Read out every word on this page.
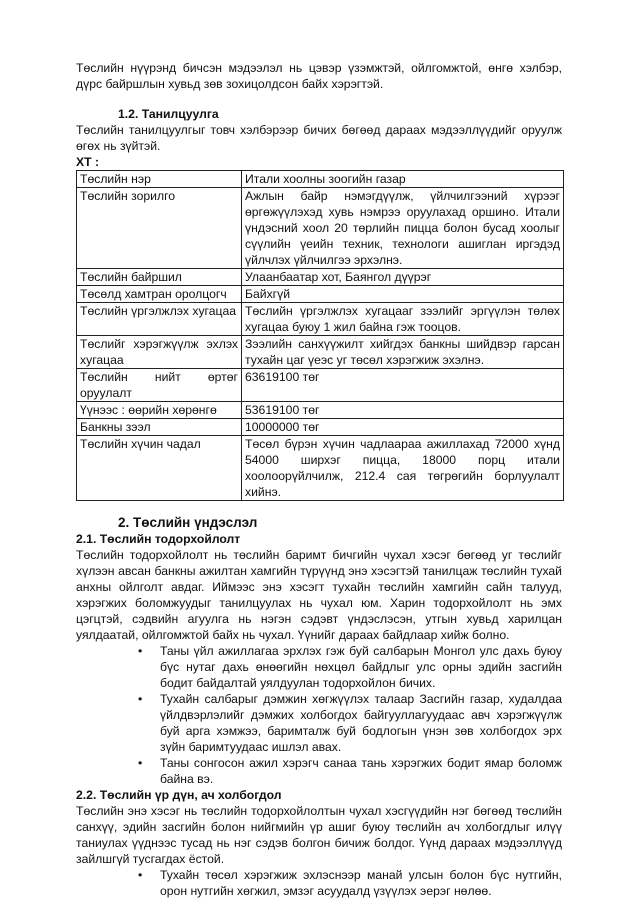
Төслийн нүүрэнд бичсэн мэдээлэл нь цэвэр үзэмжтэй, ойлгомжтой, өнгө хэлбэр, дүрс байршлын хувьд зөв зохицолдсон байх хэрэгтэй.

1.2. Танилцуулга

Төслийн танилцуулгыг товч хэлбэрээр бичих бөгөөд дараах мэдээллүүдийг оруулж өгөх нь зүйтэй.

ХТ :

Төслийн нэр	Итали хоолны зоогийн газар
Төслийн зорилго	Ажлын байр нэмэгдүүлж, үйлчилгээний хүрээг өргөжүүлэхэд хувь нэмрээ оруулахад оршино. Итали үндэсний хоол 20 төрлийн пицца болон бусад хоолыг сүүлийн үеийн техник, технологи ашиглан иргэдэд үйлчлэх үйлчилгээ эрхэлнэ.
Төслийн байршил	Улаанбаатар хот, Баянгол дүүрэг
Төсөлд хамтран оролцогч	Байхгүй
Төслийн үргэлжлэх хугацаа	Төслийн үргэлжлэх хугацааг зээлийг эргүүлэн төлөх хугацаа буюу 1 жил байна гэж тооцов.
Төслийг хэрэгжүүлж эхлэх хугацаа	Зээлийн санхүүжилт хийгдэх банкны шийдвэр гарсан тухайн цаг үеэс уг төсөл хэрэгжиж эхэлнэ.
Төслийн нийт өртөг оруулалт	63619100 төг
Үүнээс : өөрийн хөрөнгө	53619100 төг
Банкны зээл	10000000 төг
Төслийн хүчин чадал	Төсөл бүрэн хүчин чадлаараа ажиллахад 72000 хүнд 54000 ширхэг пицца, 18000 порц итали хоолоорүйлчилж, 212.4 сая төгрөгийн борлуулалт хийнэ.

2. Төслийн үндэслэл

2.1. Төслийн тодорхойлолт

Төслийн тодорхойлолт нь төслийн баримт бичгийн чухал хэсэг бөгөөд уг төслийг хүлээн авсан банкны ажилтан хамгийн түрүүнд энэ хэсэгтэй танилцаж төслийн тухай анхны ойлголт авдаг. Иймээс энэ хэсэгт тухайн төслийн хамгийн сайн талууд, хэрэгжих боломжуудыг танилцуулах нь чухал юм. Харин тодорхойлолт нь эмх цэгцтэй, сэдвийн агуулга нь нэгэн сэдэвт үндэслэсэн, утгын хувьд харилцан уялдаатай, ойлгомжтой байх нь чухал. Үүнийг дараах байдлаар хийж болно.

• Таны үйл ажиллагаа эрхлэх гэж буй салбарын Монгол улс дахь буюу бүс нутаг дахь өнөөгийн нөхцөл байдлыг улс орны эдийн засгийн бодит байдалтай уялдуулан тодорхойлон бичих.
• Тухайн салбарыг дэмжин хөгжүүлэх талаар Засгийн газар, худалдаа үйлдвэрлэлийг дэмжих холбогдох байгууллагуудаас авч хэрэгжүүлж буй арга хэмжээ, баримталж буй бодлогын үнэн зөв холбогдох эрх зүйн баримтуудаас ишлэл авах.
• Таны сонгосон ажил хэрэгч санаа тань хэрэгжих бодит ямар боломж байна вэ.

2.2. Төслийн үр дүн, ач холбогдол

Төслийн энэ хэсэг нь төслийн тодорхойлолтын чухал хэсгүүдийн нэг бөгөөд төслийн санхүү, эдийн засгийн болон нийгмийн үр ашиг буюу төслийн ач холбогдлыг илүү таниулах үүднээс тусад нь нэг сэдэв болгон бичиж болдог. Үүнд дараах мэдээллүүд зайлшгүй тусгагдах ёстой.

• Тухайн төсөл хэрэгжиж эхлэснээр манай улсын болон бүс нутгийн, орон нутгийн хөгжил, эмзэг асуудалд үзүүлэх эерэг нөлөө.
